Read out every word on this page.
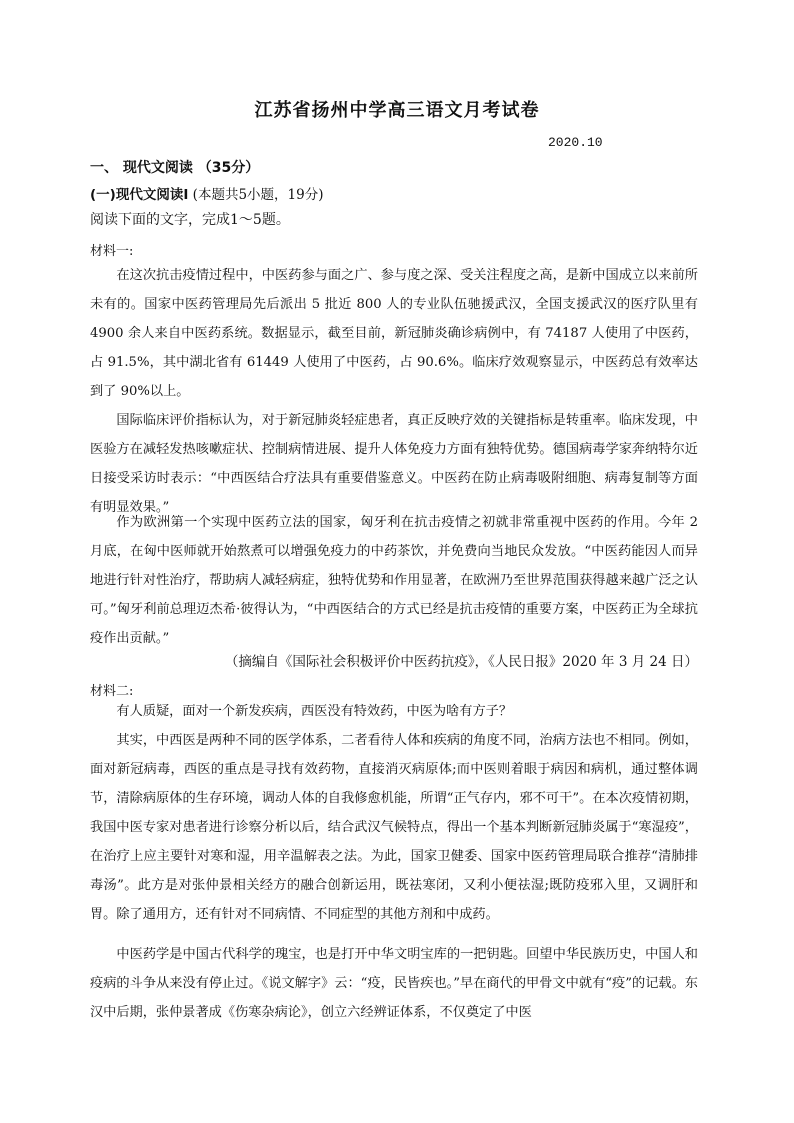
江苏省扬州中学高三语文月考试卷
2020.10
一、 现代文阅读 （35分）
(一)现代文阅读Ⅰ (本题共5小题，19分)
阅读下面的文字，完成1～5题。
材料一:

在这次抗击疫情过程中，中医药参与面之广、参与度之深、受关注程度之高，是新中国成立以来前所未有的。国家中医药管理局先后派出 5 批近 800 人的专业队伍驰援武汉，全国支援武汉的医疗队里有 4900 余人来自中医药系统。数据显示，截至目前，新冠肺炎确诊病例中，有 74187 人使用了中医药，占 91.5%，其中湖北省有 61449 人使用了中医药，占 90.6%。临床疗效观察显示，中医药总有效率达到了 90%以上。

国际临床评价指标认为，对于新冠肺炎轻症患者，真正反映疗效的关键指标是转重率。临床发现，中医验方在减轻发热咳嗽症状、控制病情进展、提升人体免疫力方面有独特优势。德国病毒学家奔纳特尔近日接受采访时表示：“中西医结合疗法具有重要借鉴意义。中医药在防止病毒吸附细胞、病毒复制等方面有明显效果。”

作为欧洲第一个实现中医药立法的国家，匈牙利在抗击疫情之初就非常重视中医药的作用。今年 2 月底，在匈中医师就开始熬煮可以增强免疫力的中药茶饮，并免费向当地民众发放。“中医药能因人而异地进行针对性治疗，帮助病人减轻病症，独特优势和作用显著，在欧洲乃至世界范围获得越来越广泛之认可。”匈牙利前总理迈杰希·彼得认为，“中西医结合的方式已经是抗击疫情的重要方案，中医药正为全球抗疫作出贡献。”

（摘编自《国际社会积极评价中医药抗疫》，《人民日报》2020 年 3 月 24 日）
材料二:

有人质疑，面对一个新发疾病，西医没有特效药，中医为啥有方子？

其实，中西医是两种不同的医学体系，二者看待人体和疾病的角度不同，治病方法也不相同。例如，面对新冠病毒，西医的重点是寻找有效药物，直接消灭病原体;而中医则着眼于病因和病机，通过整体调节，清除病原体的生存环境，调动人体的自我修愈机能，所谓“正气存内，邪不可干”。在本次疫情初期，我国中医专家对患者进行诊察分析以后，结合武汉气候特点，得出一个基本判断新冠肺炎属于“寒湿疫”，在治疗上应主要针对寒和湿，用辛温解表之法。为此，国家卫健委、国家中医药管理局联合推荐“清肺排毒汤”。此方是对张仲景相关经方的融合创新运用，既祛寒闭，又利小便祛湿;既防疫邪入里，又调肝和胃。除了通用方，还有针对不同病情、不同症型的其他方剂和中成药。

中医药学是中国古代科学的瑰宝，也是打开中华文明宝库的一把钥匙。回望中华民族历史，中国人和疫病的斗争从来没有停止过。《说文解字》云：“疫，民皆疾也。”早在商代的甲骨文中就有“疫”的记载。东汉中后期，张仲景著成《伤寒杂病论》，创立六经辨证体系，不仅奠定了中医
